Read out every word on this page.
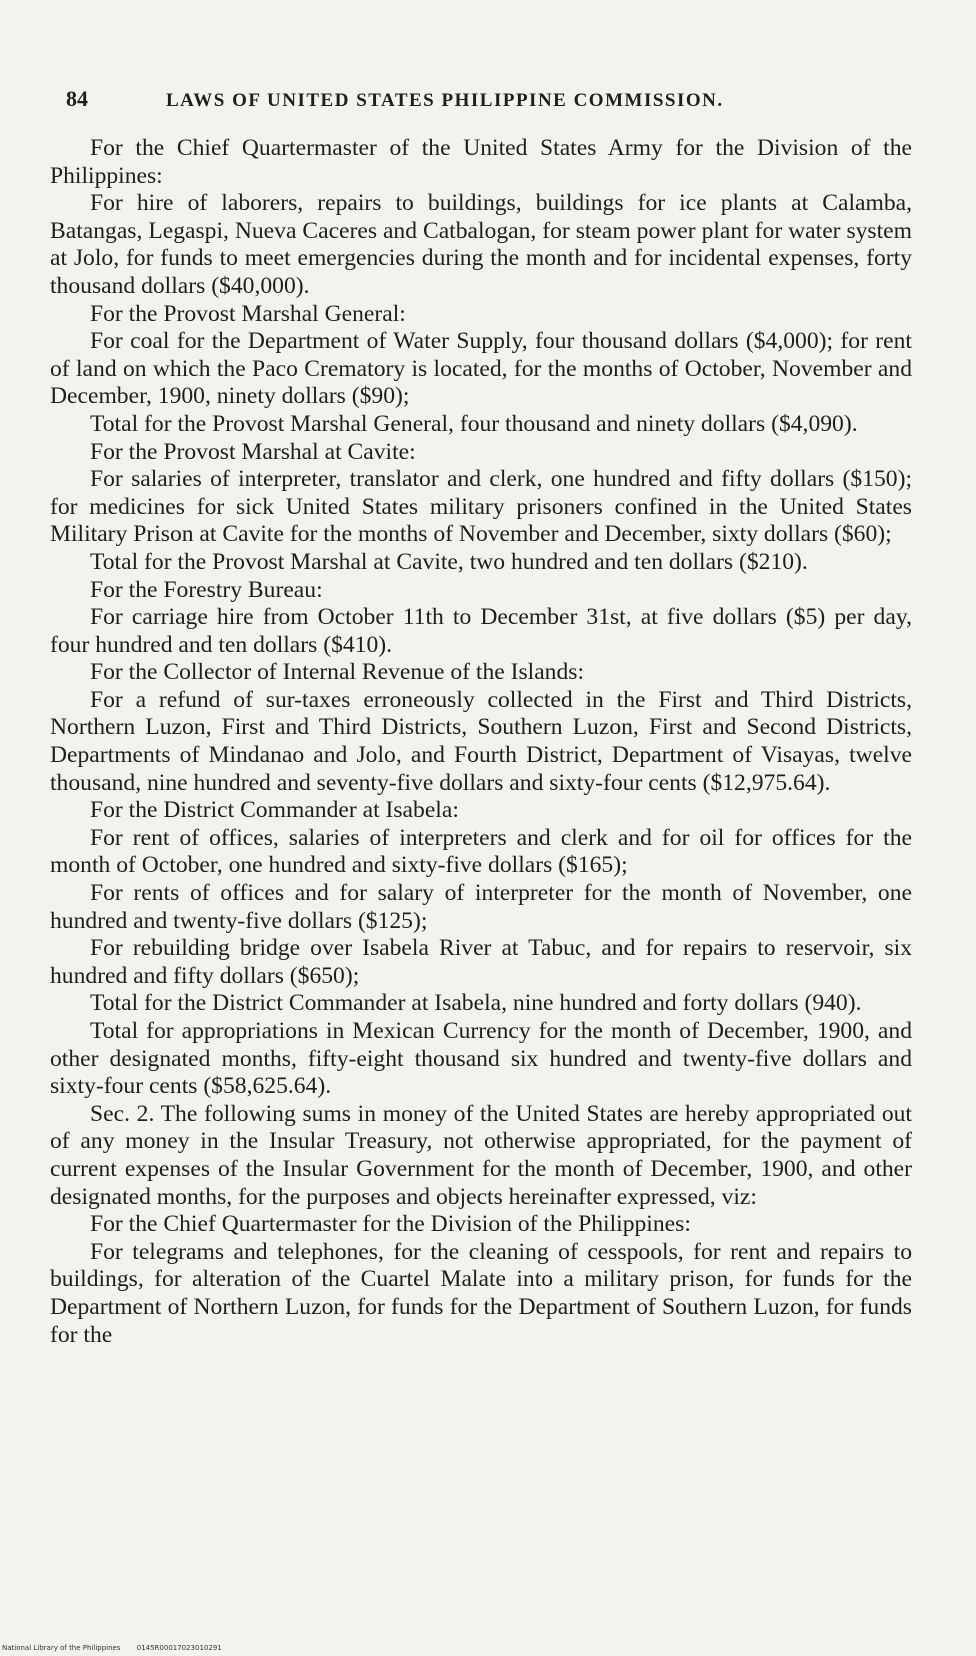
84	LAWS OF UNITED STATES PHILIPPINE COMMISSION.

For the Chief Quartermaster of the United States Army for the Division of the Philippines:

For hire of laborers, repairs to buildings, buildings for ice plants at Calamba, Batangas, Legaspi, Nueva Caceres and Catbalogan, for steam power plant for water system at Jolo, for funds to meet emergencies during the month and for incidental expenses, forty thousand dollars ($40,000).

For the Provost Marshal General:

For coal for the Department of Water Supply, four thousand dollars ($4,000); for rent of land on which the Paco Crematory is located, for the months of October, November and December, 1900, ninety dollars ($90);

Total for the Provost Marshal General, four thousand and ninety dollars ($4,090).

For the Provost Marshal at Cavite:

For salaries of interpreter, translator and clerk, one hundred and fifty dollars ($150); for medicines for sick United States military prisoners confined in the United States Military Prison at Cavite for the months of November and December, sixty dollars ($60);

Total for the Provost Marshal at Cavite, two hundred and ten dollars ($210).

For the Forestry Bureau:

For carriage hire from October 11th to December 31st, at five dollars ($5) per day, four hundred and ten dollars ($410).

For the Collector of Internal Revenue of the Islands:

For a refund of sur-taxes erroneously collected in the First and Third Districts, Northern Luzon, First and Third Districts, Southern Luzon, First and Second Districts, Departments of Mindanao and Jolo, and Fourth District, Department of Visayas, twelve thousand, nine hundred and seventy-five dollars and sixty-four cents ($12,975.64).

For the District Commander at Isabela:

For rent of offices, salaries of interpreters and clerk and for oil for offices for the month of October, one hundred and sixty-five dollars ($165);

For rents of offices and for salary of interpreter for the month of November, one hundred and twenty-five dollars ($125);

For rebuilding bridge over Isabela River at Tabuc, and for repairs to reservoir, six hundred and fifty dollars ($650);

Total for the District Commander at Isabela, nine hundred and forty dollars (940).

Total for appropriations in Mexican Currency for the month of December, 1900, and other designated months, fifty-eight thousand six hundred and twenty-five dollars and sixty-four cents ($58,625.64).

Sec. 2. The following sums in money of the United States are hereby appropriated out of any money in the Insular Treasury, not otherwise appropriated, for the payment of current expenses of the Insular Government for the month of December, 1900, and other designated months, for the purposes and objects hereinafter expressed, viz:

For the Chief Quartermaster for the Division of the Philippines:

For telegrams and telephones, for the cleaning of cesspools, for rent and repairs to buildings, for alteration of the Cuartel Malate into a military prison, for funds for the Department of Northern Luzon, for funds for the Department of Southern Luzon, for funds for the

National Library of the Philippines 0145R00017023010291
